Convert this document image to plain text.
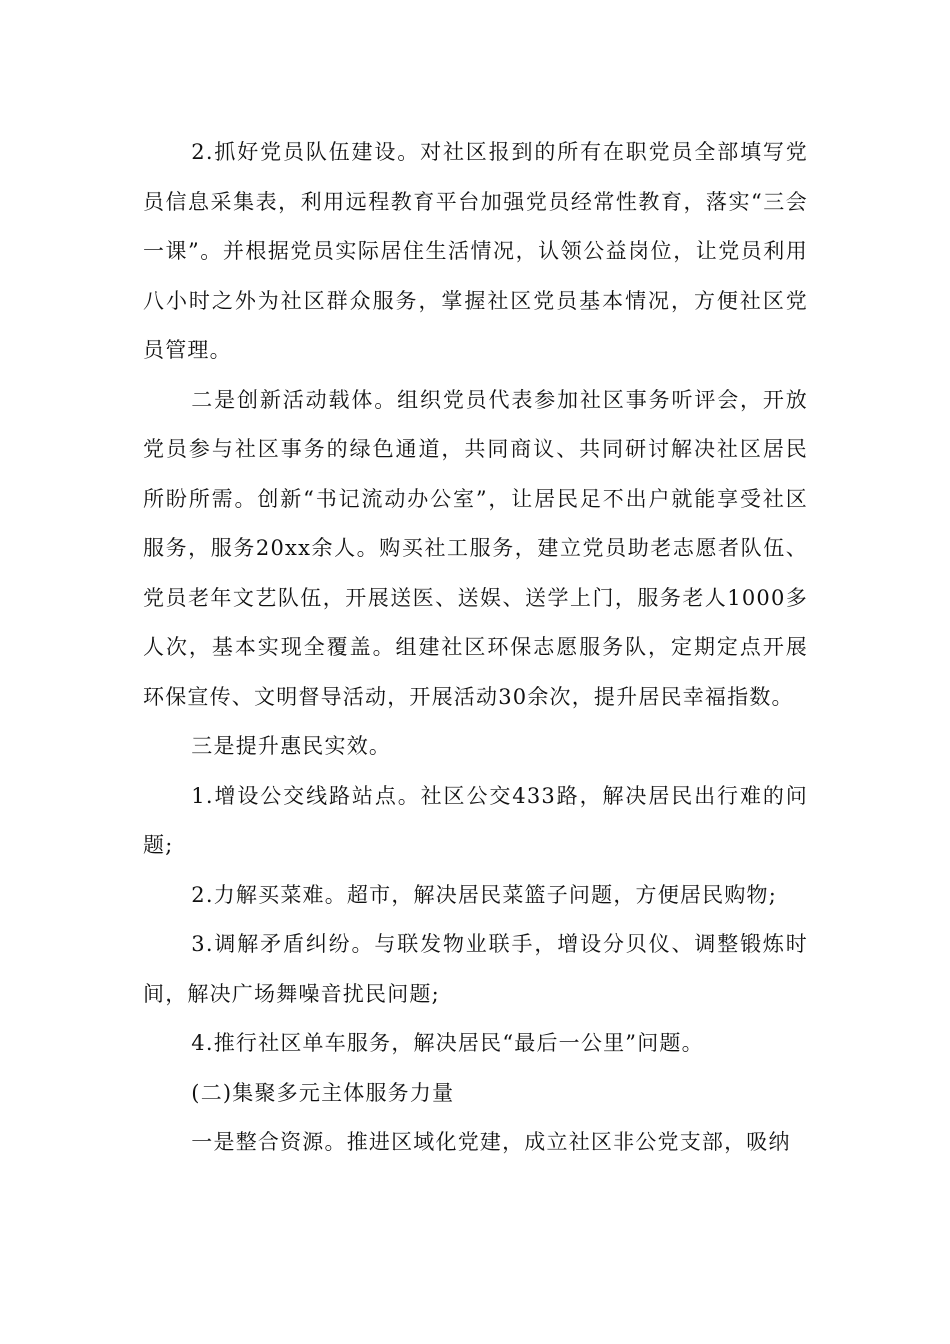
2.抓好党员队伍建设。对社区报到的所有在职党员全部填写党员信息采集表，利用远程教育平台加强党员经常性教育，落实“三会一课”。并根据党员实际居住生活情况，认领公益岗位，让党员利用八小时之外为社区群众服务，掌握社区党员基本情况，方便社区党员管理。

二是创新活动载体。组织党员代表参加社区事务听评会，开放党员参与社区事务的绿色通道，共同商议、共同研讨解决社区居民所盼所需。创新“书记流动办公室”，让居民足不出户就能享受社区服务，服务20xx余人。购买社工服务，建立党员助老志愿者队伍、党员老年文艺队伍，开展送医、送娱、送学上门，服务老人1000多人次，基本实现全覆盖。组建社区环保志愿服务队，定期定点开展环保宣传、文明督导活动，开展活动30余次，提升居民幸福指数。

三是提升惠民实效。

1.增设公交线路站点。社区公交433路，解决居民出行难的问题;

2.力解买菜难。超市，解决居民菜篮子问题，方便居民购物;

3.调解矛盾纠纷。与联发物业联手，增设分贝仪、调整锻炼时间，解决广场舞噪音扰民问题;

4.推行社区单车服务，解决居民“最后一公里”问题。

(二)集聚多元主体服务力量

一是整合资源。推进区域化党建，成立社区非公党支部，吸纳
